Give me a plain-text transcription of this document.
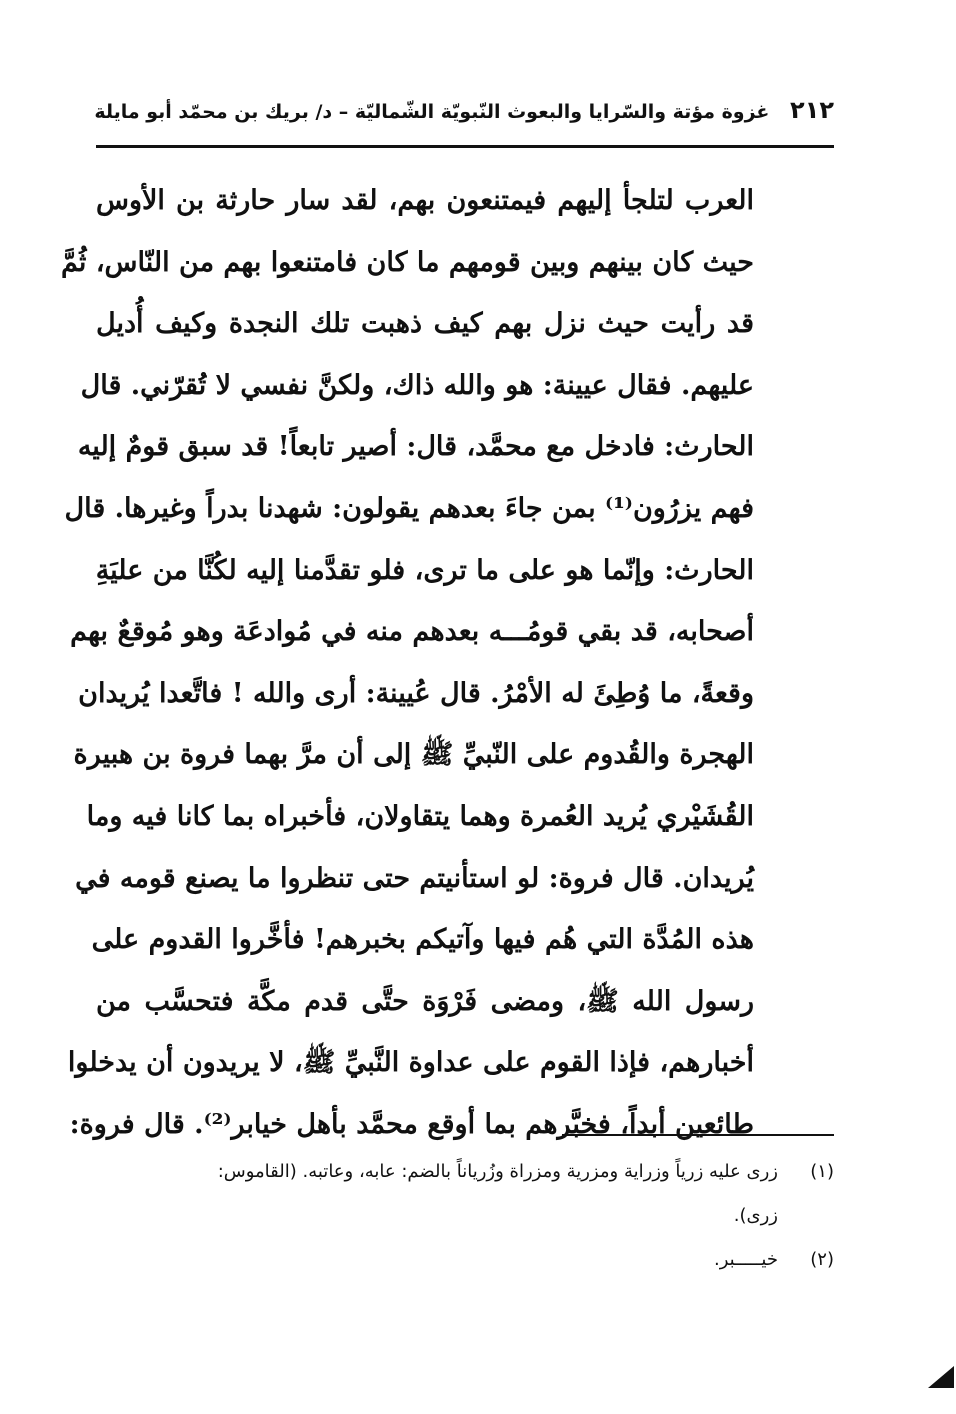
٢١٢ غزوة مؤتة والسّرايا والبعوث النّبويّة الشّماليّة – د/ بريك بن محمّد أبو مايلة
العرب لتلجأ إليهم فيمتنعون بهم، لقد سار حارثة بن الأوس
حيث كان بينهم وبين قومهم ما كان فامتنعوا بهم من النّاس، ثُمَّ
قد رأيت حيث نزل بهم كيف ذهبت تلك النجدة وكيف أُديل
عليهم. فقال عيينة: هو والله ذاك، ولكنَّ نفسي لا تُقرّني. قال
الحارث: فادخل مع محمَّد، قال: أصير تابعاً! قد سبق قومٌ إليه
فهم يزرُون⁽¹⁾ بمن جاءَ بعدهم يقولون: شهدنا بدراً وغيرها. قال
الحارث: وإنّما هو على ما ترى، فلو تقدَّمنا إليه لكُنَّا من عليَةِ
أصحابه، قد بقي قومُـــه بعدهم منه في مُوادعَة وهو مُوقعٌ بهم
وقعةً، ما وُطِئَ له الأمْرُ. قال عُيينة: أرى والله ! فاتَّعدا يُريدان
الهجرة والقُدوم على النّبيِّ ﷺ إلى أن مرَّ بهما فروة بن هبيرة
القُشَيْري يُريد العُمرة وهما يتقاولان، فأخبراه بما كانا فيه وما
يُريدان. قال فروة: لو استأنيتم حتى تنظروا ما يصنع قومه في
هذه المُدَّة التي هُم فيها وآتيكم بخبرهم! فأخَّروا القدوم على
رسول الله ﷺ، ومضى فَرْوَة حتَّى قدم مكَّة فتحسَّب من
أخبارهم، فإذا القوم على عداوة النَّبيِّ ﷺ، لا يريدون أن يدخلوا
طائعين أبداً، فخبَّرهم بما أوقع محمَّد بأهل خيابر⁽²⁾. قال فروة:
(١)زرى عليه زرياً وزراية ومزرية ومزراة وزُرياناً بالضم: عابه، وعاتبه. (القاموس:
زرى).
(٢)خيـــــبر.
